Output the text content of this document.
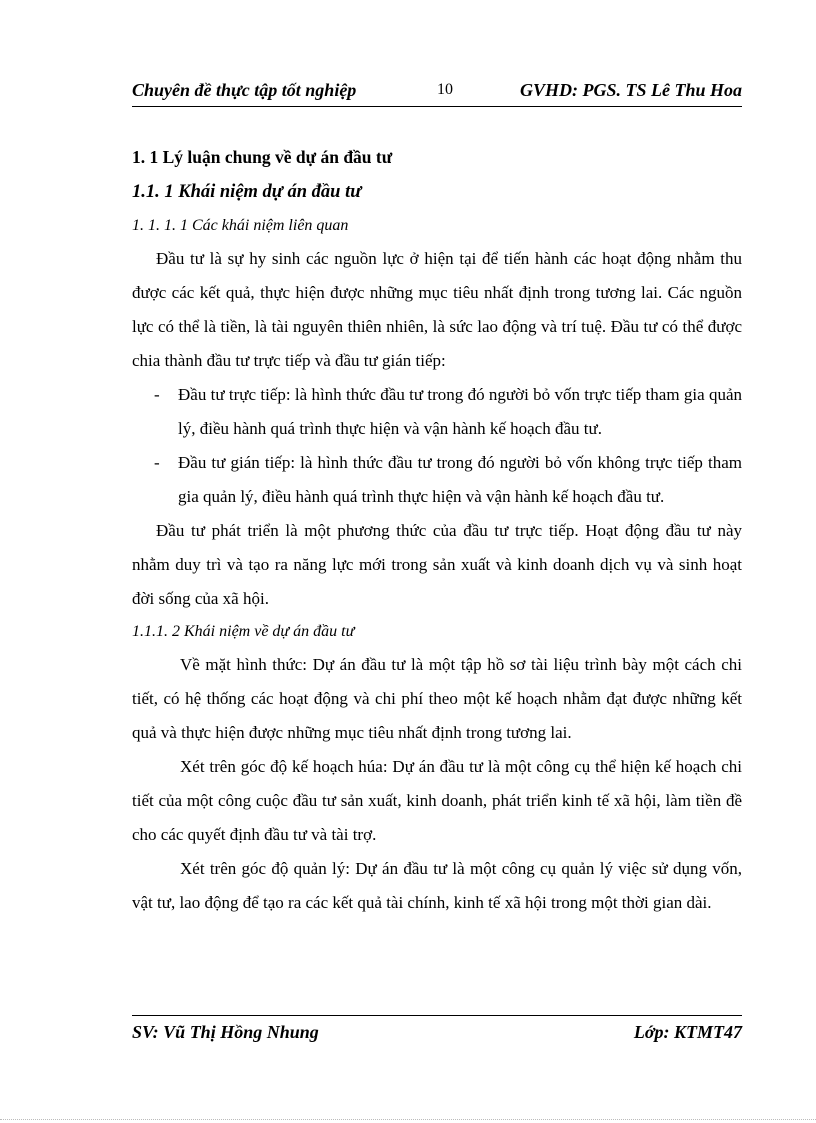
Chuyên đề thực tập tốt nghiệp	10	GVHD: PGS. TS Lê Thu Hoa
1. 1 Lý luận chung về dự án đầu tư
1.1. 1 Khái niệm dự án đầu tư
1. 1. 1. 1 Các khái niệm liên quan

Đầu tư là sự hy sinh các nguồn lực ở hiện tại để tiến hành các hoạt động nhằm thu được các kết quả, thực hiện được những mục tiêu nhất định trong tương lai. Các nguồn lực có thể là tiền, là tài nguyên thiên nhiên, là sức lao động và trí tuệ. Đầu tư có thể được chia thành đầu tư trực tiếp và đầu tư gián tiếp:

- Đầu tư trực tiếp: là hình thức đầu tư trong đó người bỏ vốn trực tiếp tham gia quản lý, điều hành quá trình thực hiện và vận hành kế hoạch đầu tư.
- Đầu tư gián tiếp: là hình thức đầu tư trong đó người bỏ vốn không trực tiếp tham gia quản lý, điều hành quá trình thực hiện và vận hành kế hoạch đầu tư.

Đầu tư phát triển là một phương thức của đầu tư trực tiếp. Hoạt động đầu tư này nhằm duy trì và tạo ra năng lực mới trong sản xuất và kinh doanh dịch vụ và sinh hoạt đời sống của xã hội.

1.1.1. 2 Khái niệm về dự án đầu tư

Về mặt hình thức: Dự án đầu tư là một tập hồ sơ tài liệu trình bày một cách chi tiết, có hệ thống các hoạt động và chi phí theo một kế hoạch nhằm đạt được những kết quả và thực hiện được những mục tiêu nhất định trong tương lai.

Xét trên góc độ kế hoạch húa: Dự án đầu tư là một công cụ thể hiện kế hoạch chi tiết của một công cuộc đầu tư sản xuất, kinh doanh, phát triển kinh tế xã hội, làm tiền đề cho các quyết định đầu tư và tài trợ.

Xét trên góc độ quản lý: Dự án đầu tư là một công cụ quản lý việc sử dụng vốn, vật tư, lao động để tạo ra các kết quả tài chính, kinh tế xã hội trong một thời gian dài.

SV: Vũ Thị Hồng Nhung	Lớp: KTMT47
